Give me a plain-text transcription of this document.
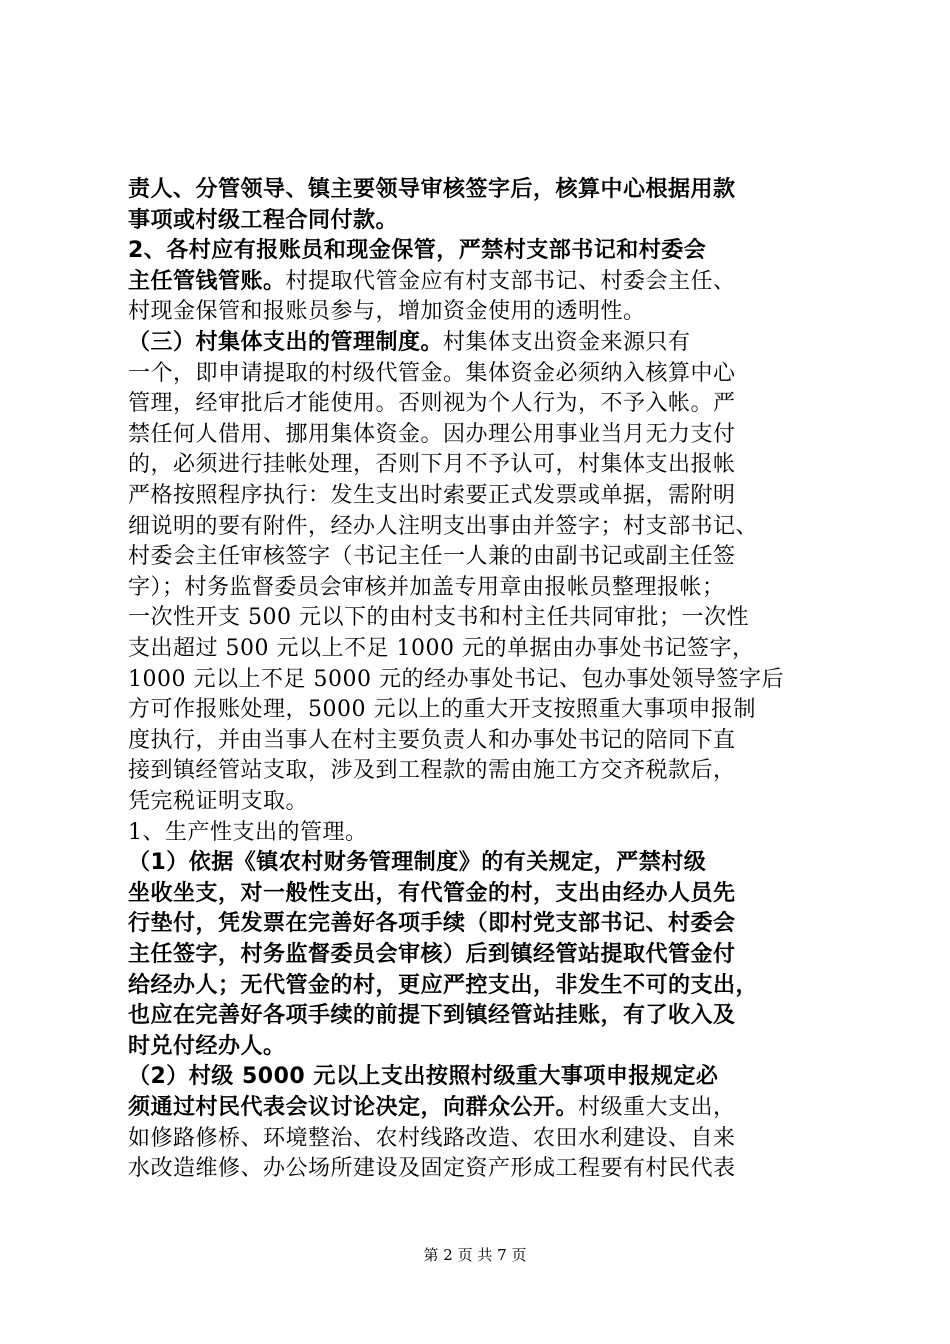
责人、分管领导、镇主要领导审核签字后，核算中心根据用款
事项或村级工程合同付款。
2、各村应有报账员和现金保管，严禁村支部书记和村委会
主任管钱管账。村提取代管金应有村支部书记、村委会主任、
村现金保管和报账员参与，增加资金使用的透明性。
（三）村集体支出的管理制度。村集体支出资金来源只有
一个，即申请提取的村级代管金。集体资金必须纳入核算中心
管理，经审批后才能使用。否则视为个人行为，不予入帐。严
禁任何人借用、挪用集体资金。因办理公用事业当月无力支付
的，必须进行挂帐处理，否则下月不予认可，村集体支出报帐
严格按照程序执行：发生支出时索要正式发票或单据，需附明
细说明的要有附件，经办人注明支出事由并签字；村支部书记、
村委会主任审核签字（书记主任一人兼的由副书记或副主任签
字）；村务监督委员会审核并加盖专用章由报帐员整理报帐；
一次性开支 500 元以下的由村支书和村主任共同审批；一次性
支出超过 500 元以上不足 1000 元的单据由办事处书记签字，
1000 元以上不足 5000 元的经办事处书记、包办事处领导签字后
方可作报账处理，5000 元以上的重大开支按照重大事项申报制
度执行，并由当事人在村主要负责人和办事处书记的陪同下直
接到镇经管站支取，涉及到工程款的需由施工方交齐税款后，
凭完税证明支取。
1、生产性支出的管理。
（1）依据《镇农村财务管理制度》的有关规定，严禁村级
坐收坐支，对一般性支出，有代管金的村，支出由经办人员先
行垫付，凭发票在完善好各项手续（即村党支部书记、村委会
主任签字，村务监督委员会审核）后到镇经管站提取代管金付
给经办人；无代管金的村，更应严控支出，非发生不可的支出，
也应在完善好各项手续的前提下到镇经管站挂账，有了收入及
时兑付经办人。
（2）村级 5000 元以上支出按照村级重大事项申报规定必
须通过村民代表会议讨论决定，向群众公开。村级重大支出，
如修路修桥、环境整治、农村线路改造、农田水利建设、自来
水改造维修、办公场所建设及固定资产形成工程要有村民代表
第 2 页 共 7 页
